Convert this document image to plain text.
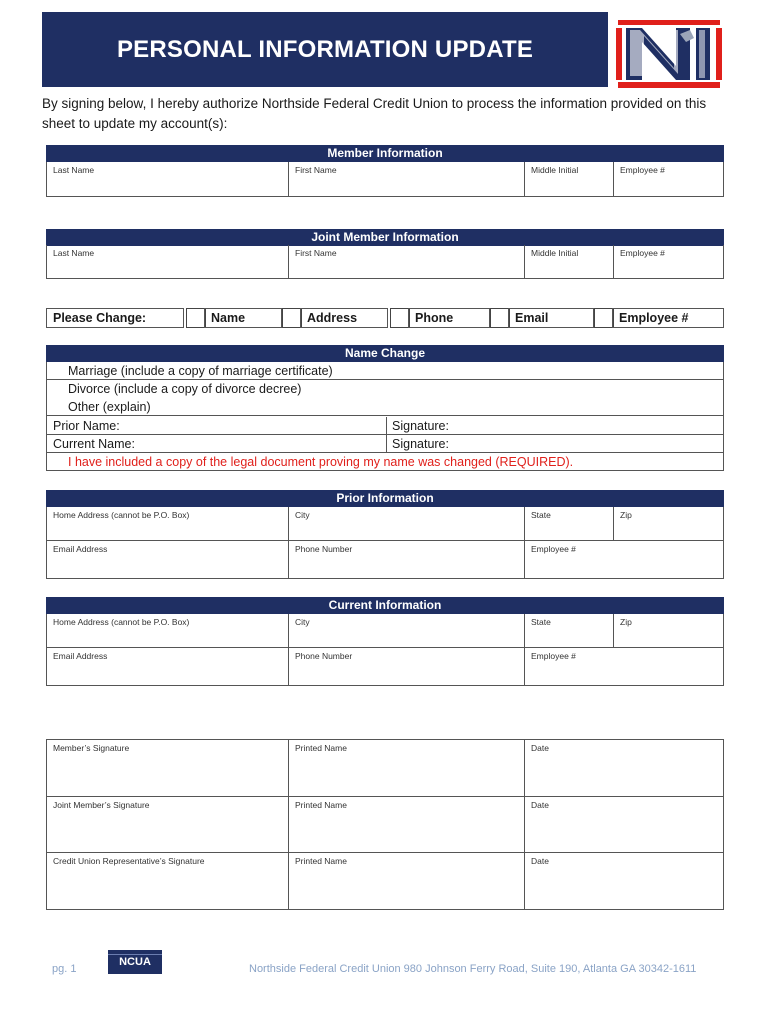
PERSONAL INFORMATION UPDATE
By signing below, I hereby authorize Northside Federal Credit Union to process the information provided on this sheet to update my account(s):
Member Information
Last Name	First Name	Middle Initial	Employee #
Joint Member Information
Last Name	First Name	Middle Initial	Employee #
Please Change:	Name	Address	Phone	Email	Employee #
Name Change
Marriage (include a copy of marriage certificate)
Divorce (include a copy of divorce decree)
Other (explain)
Prior Name:	Signature:
Current Name:	Signature:
I have included a copy of the legal document proving my name was changed (REQUIRED).
Prior Information
Home Address (cannot be P.O. Box)	City	State	Zip
Email Address	Phone Number	Employee #
Current Information
Home Address (cannot be P.O. Box)	City	State	Zip
Email Address	Phone Number	Employee #
Member’s Signature	Printed Name	Date
Joint Member’s Signature	Printed Name	Date
Credit Union Representative’s Signature	Printed Name	Date
pg. 1
NCUA
Northside Federal Credit Union 980 Johnson Ferry Road, Suite 190, Atlanta GA 30342-1611
